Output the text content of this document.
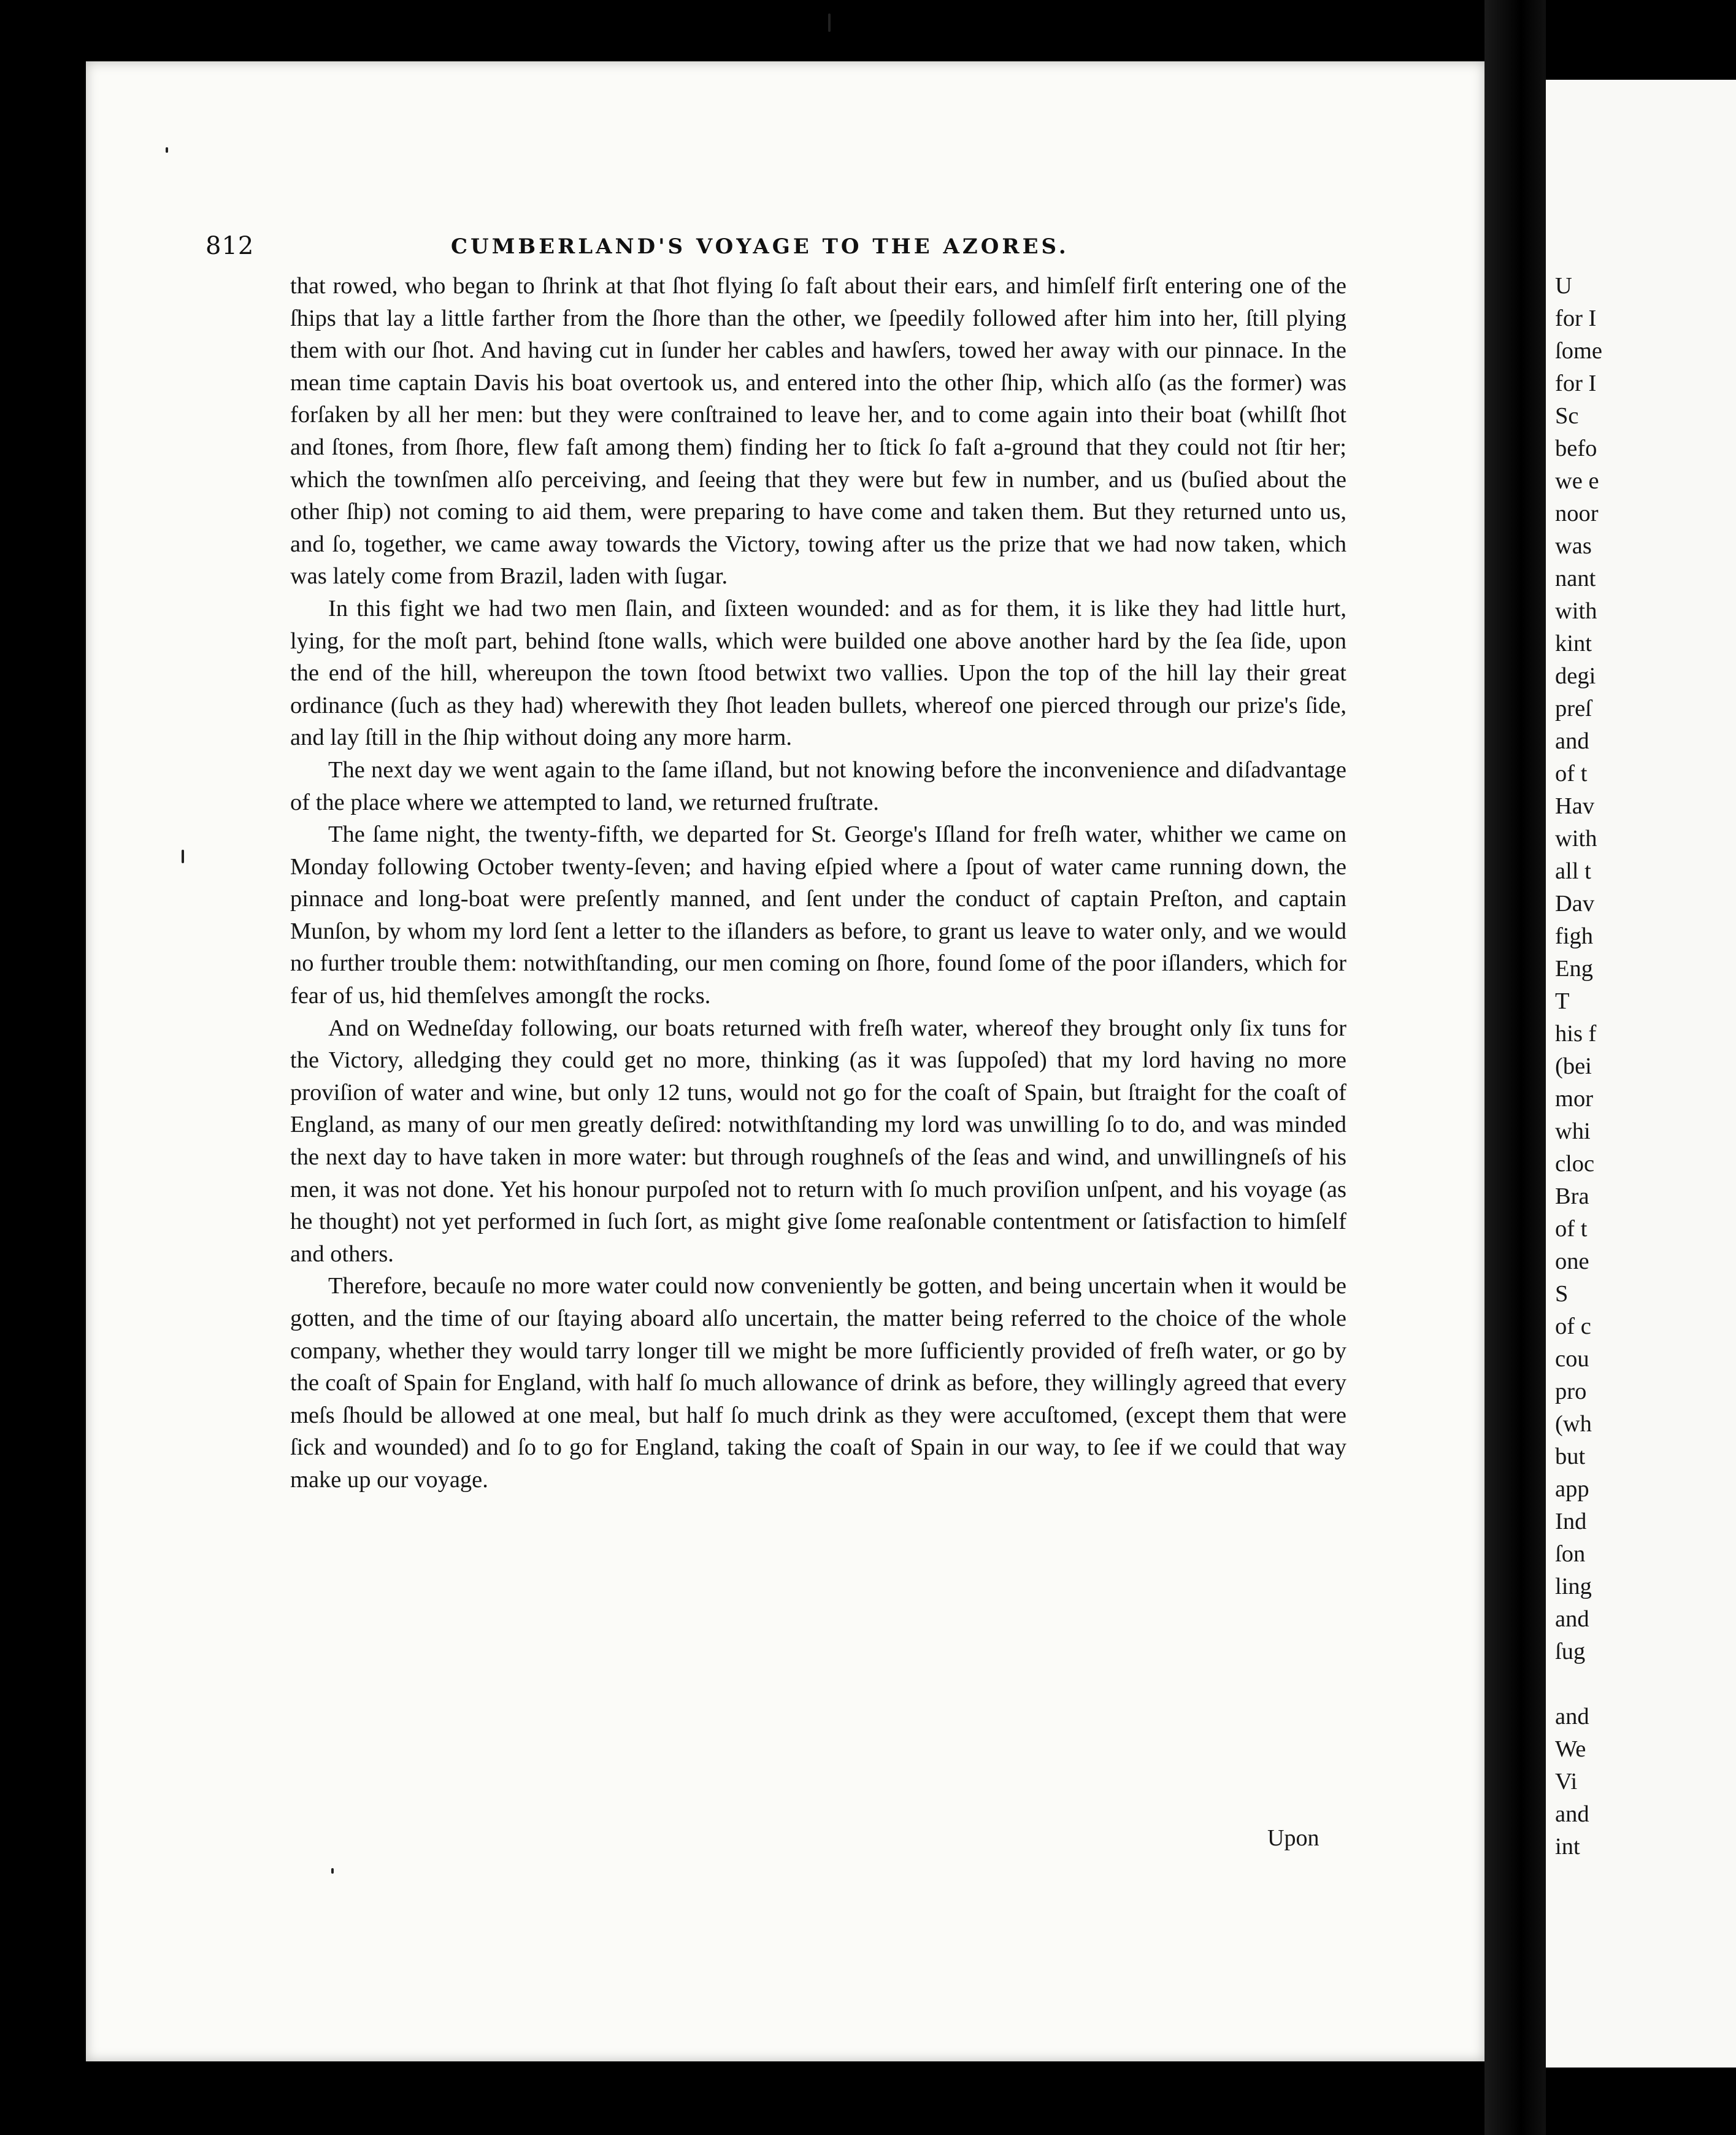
U
for I
ſome
for I
Sc
befo
we e
noor
was
nant
with
kint
degi
preſ
and
of t
Hav
with
all t
Dav
figh
Eng
T
his f
(bei
mor
whi
cloc
Bra
of t
one
S
of c
cou
pro
(wh
but
app
Ind
ſon
ling
and
ſug
and
We
Vi
and
int
812	CUMBERLAND'S VOYAGE TO THE AZORES.

that rowed, who began to ſhrink at that ſhot flying ſo faſt about their ears, and himſelf firſt entering one of the ſhips that lay a little farther from the ſhore than the other, we ſpeedily followed after him into her, ſtill plying them with our ſhot. And having cut in ſunder her cables and hawſers, towed her away with our pinnace. In the mean time captain Davis his boat overtook us, and entered into the other ſhip, which alſo (as the former) was forſaken by all her men: but they were conſtrained to leave her, and to come again into their boat (whilſt ſhot and ſtones, from ſhore, flew faſt among them) finding her to ſtick ſo faſt a-ground that they could not ſtir her; which the townſmen alſo perceiving, and ſeeing that they were but few in number, and us (buſied about the other ſhip) not coming to aid them, were preparing to have come and taken them. But they returned unto us, and ſo, together, we came away towards the Victory, towing after us the prize that we had now taken, which was lately come from Brazil, laden with ſugar.

In this fight we had two men ſlain, and ſixteen wounded: and as for them, it is like they had little hurt, lying, for the moſt part, behind ſtone walls, which were builded one above another hard by the ſea ſide, upon the end of the hill, whereupon the town ſtood betwixt two vallies. Upon the top of the hill lay their great ordinance (ſuch as they had) wherewith they ſhot leaden bullets, whereof one pierced through our prize's ſide, and lay ſtill in the ſhip without doing any more harm.

The next day we went again to the ſame iſland, but not knowing before the inconvenience and diſadvantage of the place where we attempted to land, we returned fruſtrate.

The ſame night, the twenty-fifth, we departed for St. George's Iſland for freſh water, whither we came on Monday following October twenty-ſeven; and having eſpied where a ſpout of water came running down, the pinnace and long-boat were preſently manned, and ſent under the conduct of captain Preſton, and captain Munſon, by whom my lord ſent a letter to the iſlanders as before, to grant us leave to water only, and we would no further trouble them: notwithſtanding, our men coming on ſhore, found ſome of the poor iſlanders, which for fear of us, hid themſelves amongſt the rocks.

And on Wedneſday following, our boats returned with freſh water, whereof they brought only ſix tuns for the Victory, alledging they could get no more, thinking (as it was ſuppoſed) that my lord having no more proviſion of water and wine, but only 12 tuns, would not go for the coaſt of Spain, but ſtraight for the coaſt of England, as many of our men greatly deſired: notwithſtanding my lord was unwilling ſo to do, and was minded the next day to have taken in more water: but through roughneſs of the ſeas and wind, and unwillingneſs of his men, it was not done. Yet his honour purpoſed not to return with ſo much proviſion unſpent, and his voyage (as he thought) not yet performed in ſuch ſort, as might give ſome reaſonable contentment or ſatisfaction to himſelf and others.

Therefore, becauſe no more water could now conveniently be gotten, and being uncertain when it would be gotten, and the time of our ſtaying aboard alſo uncertain, the matter being referred to the choice of the whole company, whether they would tarry longer till we might be more ſufficiently provided of freſh water, or go by the coaſt of Spain for England, with half ſo much allowance of drink as before, they willingly agreed that every meſs ſhould be allowed at one meal, but half ſo much drink as they were accuſtomed, (except them that were ſick and wounded) and ſo to go for England, taking the coaſt of Spain in our way, to ſee if we could that way make up our voyage.

Upon
